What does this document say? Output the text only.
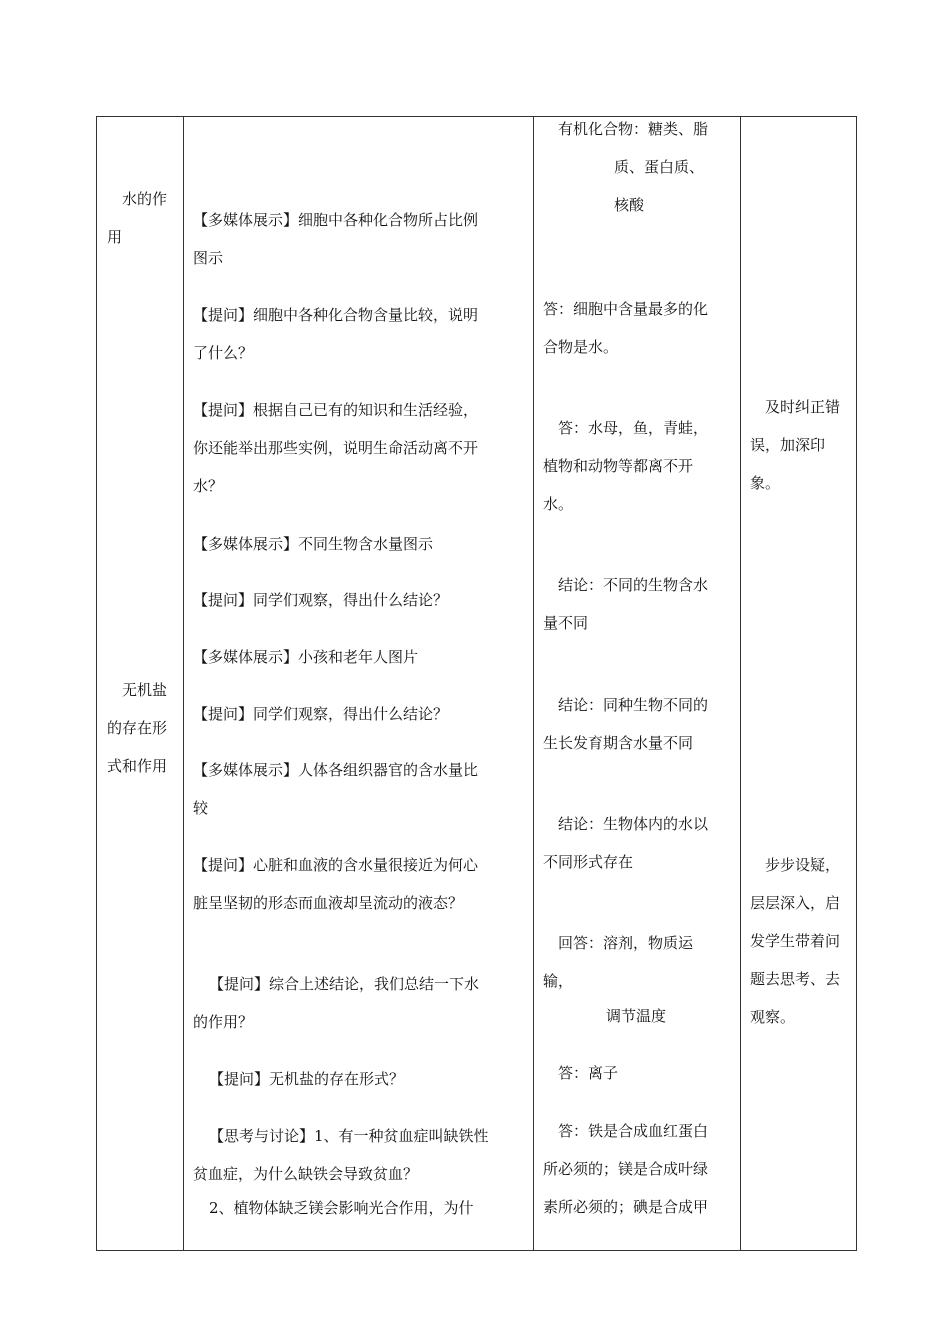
水的作

用

无机盐

的存在形

式和作用

【多媒体展示】细胞中各种化合物所占比例

图示

【提问】细胞中各种化合物含量比较，说明

了什么？

【提问】根据自己已有的知识和生活经验，

你还能举出那些实例，说明生命活动离不开

水？

【多媒体展示】不同生物含水量图示

【提问】同学们观察，得出什么结论？

【多媒体展示】小孩和老年人图片

【提问】同学们观察，得出什么结论？

【多媒体展示】人体各组织器官的含水量比

较

【提问】心脏和血液的含水量很接近为何心

脏呈坚韧的形态而血液却呈流动的液态？

【提问】综合上述结论，我们总结一下水

的作用？

【提问】无机盐的存在形式？

【思考与讨论】1、有一种贫血症叫缺铁性

贫血症，为什么缺铁会导致贫血？

2、植物体缺乏镁会影响光合作用，为什

有机化合物：糖类、脂

质、蛋白质、

核酸

答：细胞中含量最多的化

合物是水。

答：水母，鱼，青蛙，

植物和动物等都离不开

水。

结论：不同的生物含水

量不同

结论：同种生物不同的

生长发育期含水量不同

结论：生物体内的水以

不同形式存在

回答：溶剂，物质运

输，

调节温度

答：离子

答：铁是合成血红蛋白

所必须的；镁是合成叶绿

素所必须的；碘是合成甲

及时纠正错

误，加深印

象。

步步设疑，

层层深入，启

发学生带着问

题去思考、去

观察。
